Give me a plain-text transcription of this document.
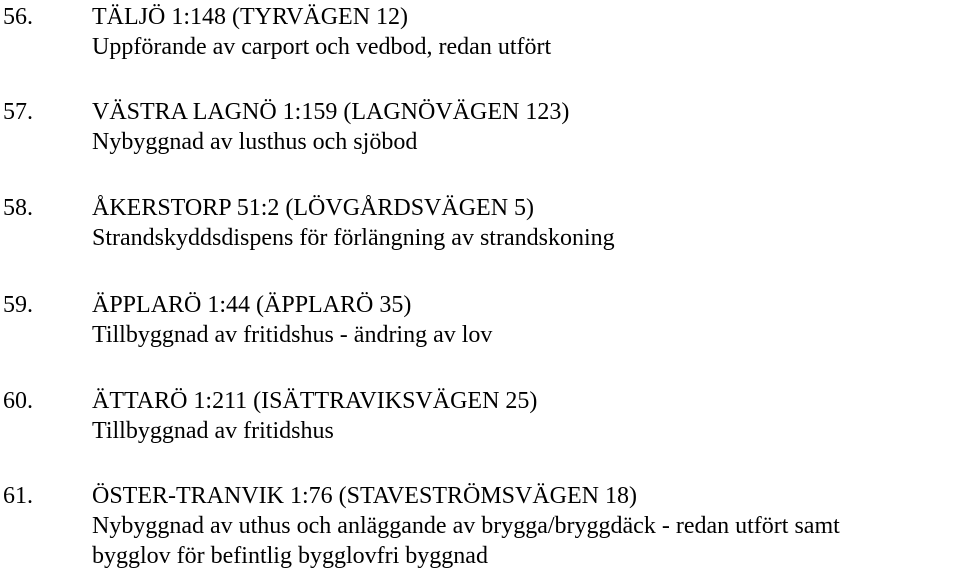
56. TÄLJÖ 1:148 (TYRVÄGEN 12)
Uppförande av carport och vedbod, redan utfört
57. VÄSTRA LAGNÖ 1:159 (LAGNÖVÄGEN 123)
Nybyggnad av lusthus och sjöbod
58. ÅKERSTORP 51:2 (LÖVGÅRDSVÄGEN 5)
Strandskyddsdispens för förlängning av strandskoning
59. ÄPPLARÖ 1:44 (ÄPPLARÖ 35)
Tillbyggnad av fritidshus - ändring av lov
60. ÄTTARÖ 1:211 (ISÄTTRAVIKSVÄGEN 25)
Tillbyggnad av fritidshus
61. ÖSTER-TRANVIK 1:76 (STAVESTRÖMSVÄGEN 18)
Nybyggnad av uthus och anläggande av brygga/bryggdäck - redan utfört samt
bygglov för befintlig bygglovfri byggnad
